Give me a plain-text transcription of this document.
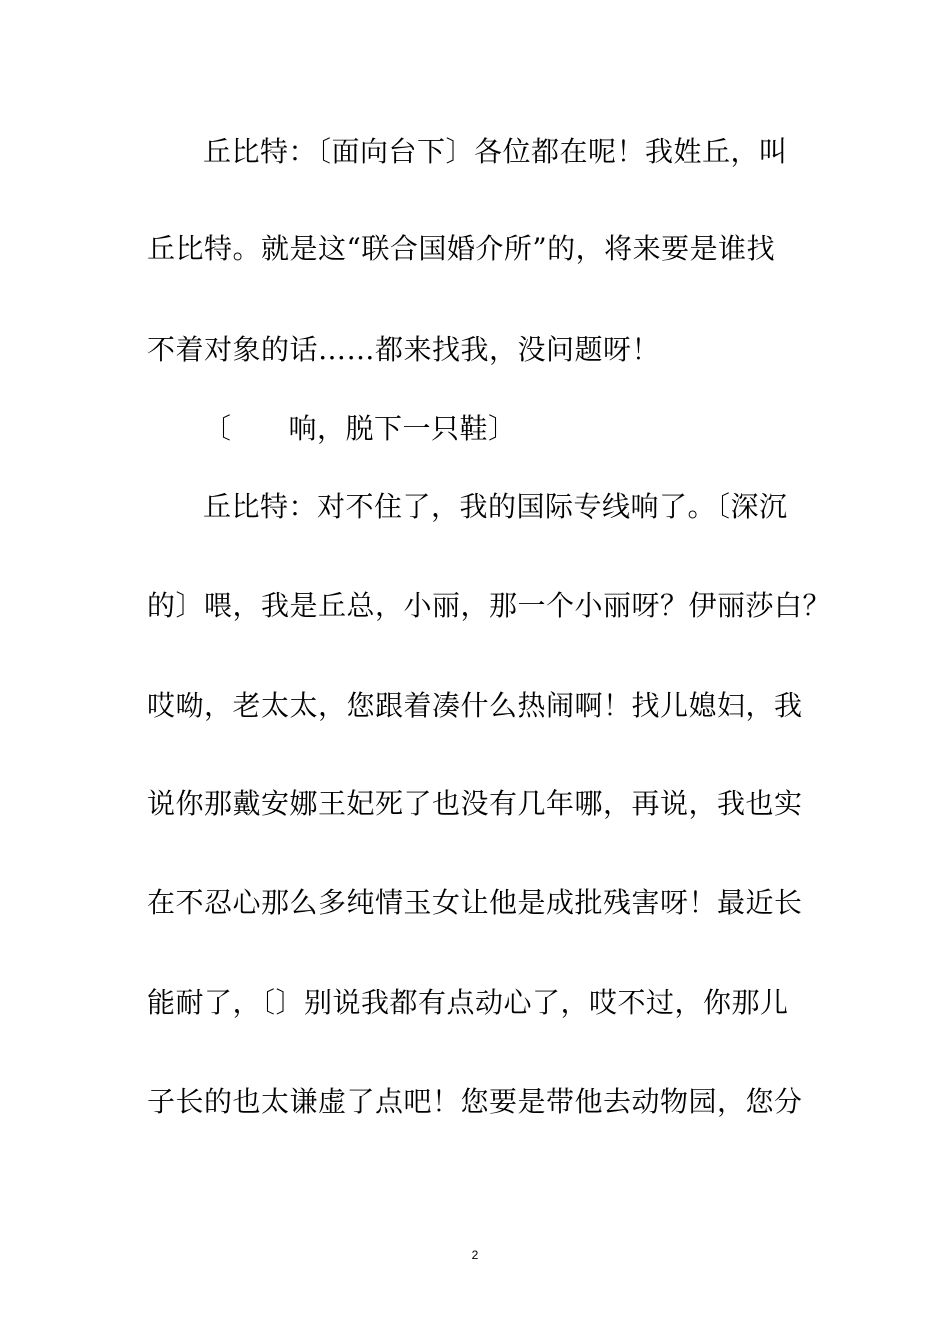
丘比特：〔面向台下〕各位都在呢！我姓丘，叫
丘比特。就是这“联合国婚介所”的，将来要是谁找
不着对象的话……都来找我，没问题呀！
〔　　响，脱下一只鞋〕
丘比特：对不住了，我的国际专线响了。〔深沉
的〕喂，我是丘总，小丽，那一个小丽呀？伊丽莎白？
哎呦，老太太，您跟着凑什么热闹啊！找儿媳妇，我
说你那戴安娜王妃死了也没有几年哪，再说，我也实
在不忍心那么多纯情玉女让他是成批残害呀！最近长
能耐了，〔〕别说我都有点动心了，哎不过，你那儿
子长的也太谦虚了点吧！您要是带他去动物园，您分
2
